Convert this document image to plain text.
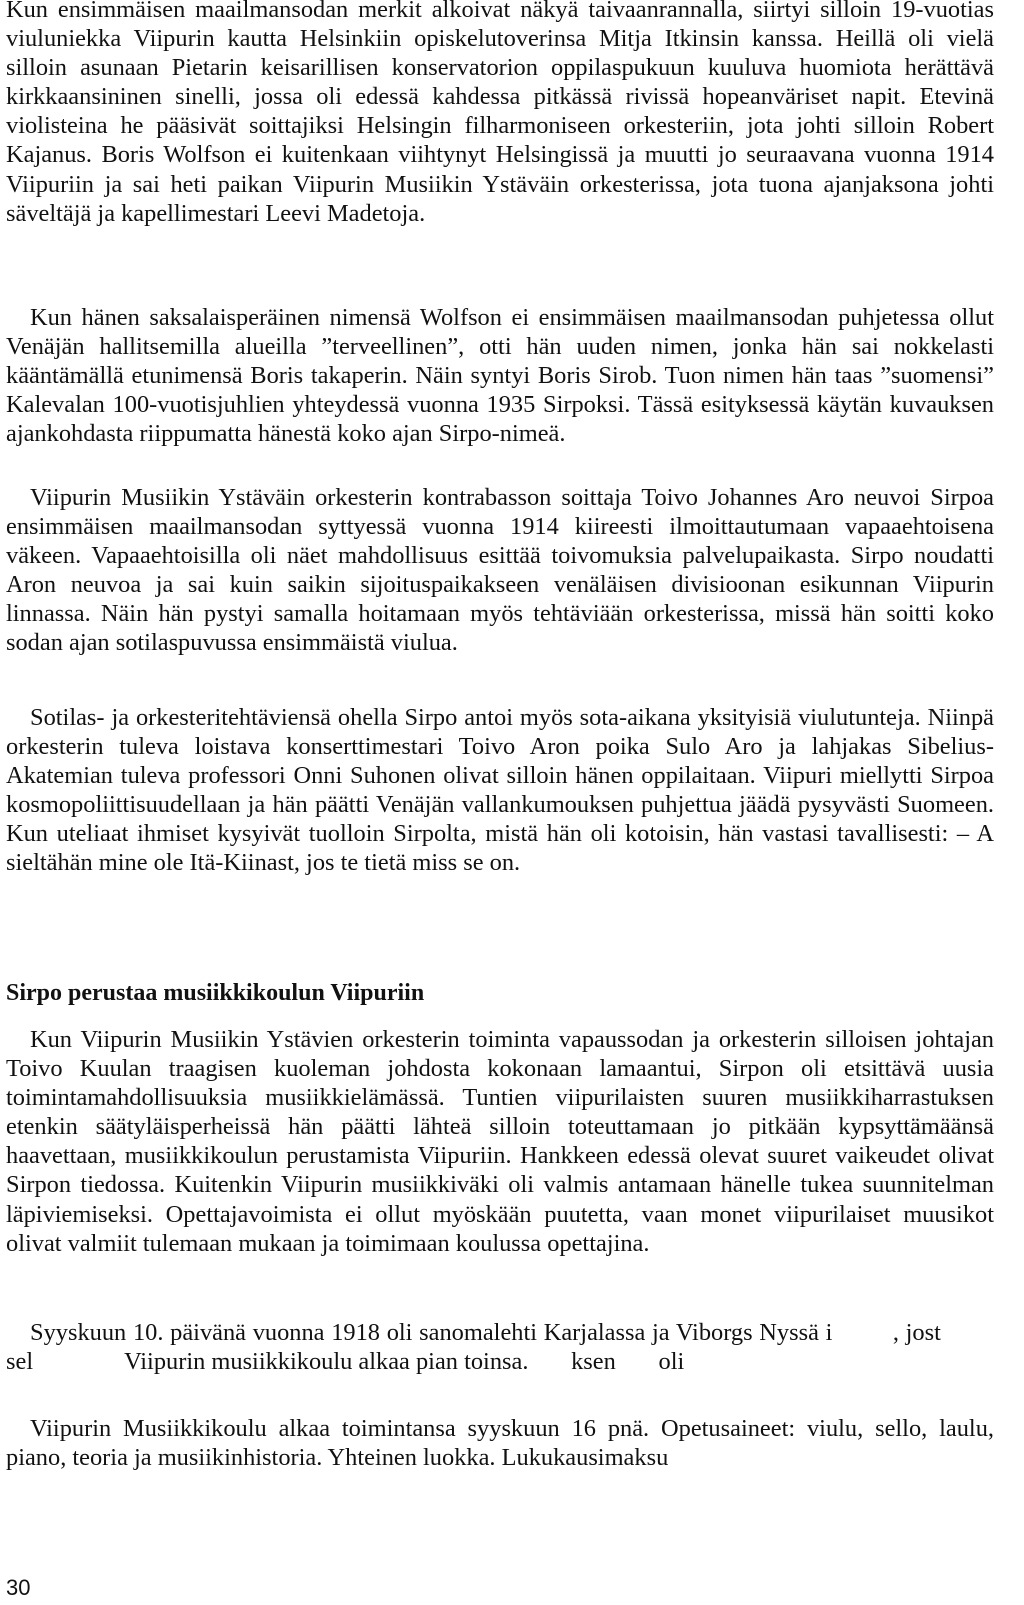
Kun ensimmäisen maailmansodan merkit alkoivat näkyä taivaanrannalla, siirtyi silloin 19-vuotias viuluniekka Viipurin kautta Helsinkiin opiskelutoverinsa Mitja Itkinsin kanssa. Heillä oli vielä silloin asunaan Pietarin keisarillisen konservatorion oppilaspukuun kuuluva huomiota herättävä kirkkaansininen sinelli, jossa oli edessä kahdessa pitkässä rivissä hopeanväriset napit. Etevinä violisteina he pääsivät soittajiksi Helsingin filharmoniseen orkesteriin, jota johti silloin Robert Kajanus. Boris Wolfson ei kuitenkaan viihtynyt Helsingissä ja muutti jo seuraavana vuonna 1914 Viipuriin ja sai heti paikan Viipurin Musiikin Ystäväin orkesterissa, jota tuona ajanjaksona johti säveltäjä ja kapellimestari Leevi Madetoja.

Kun hänen saksalaisperäinen nimensä Wolfson ei ensimmäisen maailmansodan puhjetessa ollut Venäjän hallitsemilla alueilla ”terveellinen”, otti hän uuden nimen, jonka hän sai nokkelasti kääntämällä etunimensä Boris takaperin. Näin syntyi Boris Sirob. Tuon nimen hän taas ”suomensi” Kalevalan 100-vuotisjuhlien yhteydessä vuonna 1935 Sirpoksi. Tässä esityksessä käytän kuvauksen ajankohdasta riippumatta hänestä koko ajan Sirpo-nimeä.

Viipurin Musiikin Ystäväin orkesterin kontrabasson soittaja Toivo Johannes Aro neuvoi Sirpoa ensimmäisen maailmansodan syttyessä vuonna 1914 kiireesti ilmoittautumaan vapaaehtoisena väkeen. Vapaaehtoisilla oli näet mahdollisuus esittää toivomuksia palvelupaikasta. Sirpo noudatti Aron neuvoa ja sai kuin saikin sijoituspaikakseen venäläisen divisioonan esikunnan Viipurin linnassa. Näin hän pystyi samalla hoitamaan myös tehtäviään orkesterissa, missä hän soitti koko sodan ajan sotilaspuvussa ensimmäistä viulua.

Sotilas- ja orkesteritehtäviensä ohella Sirpo antoi myös sota-aikana yksityisiä viulutunteja. Niinpä orkesterin tuleva loistava konserttimestari Toivo Aron poika Sulo Aro ja lahjakas Sibelius-Akatemian tuleva professori Onni Suhonen olivat silloin hänen oppilaitaan. Viipuri miellytti Sirpoa kosmopoliittisuudellaan ja hän päätti Venäjän vallankumouksen puhjettua jäädä pysyvästi Suomeen. Kun uteliaat ihmiset kysyivät tuolloin Sirpolta, mistä hän oli kotoisin, hän vastasi tavallisesti: – A sieltähän mine ole Itä-Kiinast, jos te tietä miss se on.

Sirpo perustaa musiikkikoulun Viipuriin

Kun Viipurin Musiikin Ystävien orkesterin toiminta vapaussodan ja orkesterin silloisen johtajan Toivo Kuulan traagisen kuoleman johdosta kokonaan lamaantui, Sirpon oli etsittävä uusia toimintamahdollisuuksia musiikkielämässä. Tuntien viipurilaisten suuren musiikkiharrastuksen etenkin säätyläisperheissä hän päätti lähteä silloin toteuttamaan jo pitkään kypsyttämäänsä haavettaan, musiikkikoulun perustamista Viipuriin. Hankkeen edessä olevat suuret vaikeudet olivat Sirpon tiedossa. Kuitenkin Viipurin musiikkiväki oli valmis antamaan hänelle tukea suunnitelman läpiviemiseksi. Opettajavoimista ei ollut myöskään puutetta, vaan monet viipurilaiset muusikot olivat valmiit tulemaan mukaan ja toimimaan koulussa opettajina.

Syyskuun 10. päivänä vuonna 1918 oli sanomalehti Karjalassa ja Viborgs Nyssä i         , jost         sel               Viipurin musiikkikoulu alkaa pian toinsa.       ksen       oli

Viipurin Musiikkikoulu alkaa toimintansa syyskuun 16 pnä. Opetusaineet: viulu, sello, laulu, piano, teoria ja musiikinhistoria. Yhteinen luokka. Lukukausimaksu

30
